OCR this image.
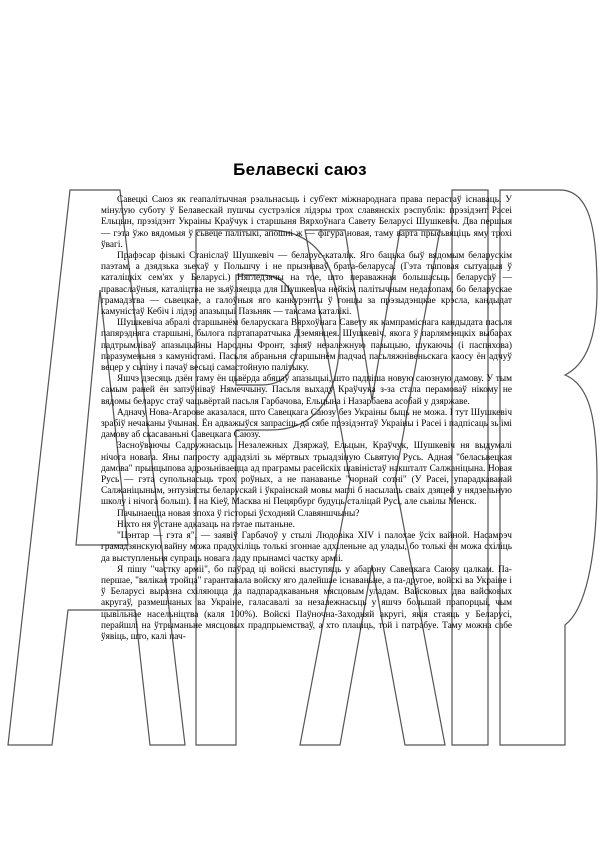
Белавескі саюз

Савецкі Саюз як геапалітычная рэальнасьць і суб'ект міжнароднага права перастаў існаваць. У мінулую суботу ў Белавескай пушчы сустрэліся лідэры трох славянскіх рэспублік: прэзідэнт Расеі Ельцын, прэзідэнт Украіны Краўчук і старшыня Вярхоўнага Савету Беларусі Шушкевіч. Два першыя — гэта ўжо вядомыя ў сьвеце палітыкі, апошні ж — фігура новая, таму варта прысьвяціць яму трохі ўвагі.

Прафэсар фізыкі Станіслаў Шушкевіч — беларус-каталік. Яго бацька быў вядомым беларускім паэтам, а дзядзька зьехаў у Польшчу і не прызнаваў брата-беларуса. (Гэта тыповая сытуацыя ў каталіцкіх сем'ях у Беларусі.) Нягледзячы на тое, што пераважная большасьць беларусаў — праваслаўныя, каталіцтва не зьяўляецца для Шушкевіча нейкім палітычным недахопам, бо беларускае грамадзтва — сьвецкае, а галоўныя яго канкурэнты ў гонцы за прэзыдэнцкае крэсла, кандыдат камуністаў Кебіч і лідэр апазыцыі Пазьняк — таксама каталікі.

Шушкевіча абралі старшынём беларускага Вярхоўнага Савету як кампраміснага кандыдата пасьля папярэдняга старшыні, былога партапаратчыка Дземянцея. Шушкевіч, якога ў парлямэнцкіх выбарах падтрымліваў апазыцыйны Народны Фронт, заняў незалежную пазыцыю, шукаючы (і паспяхова) паразуменьня з камуністамі. Пасьля абраньня старшынём падчас пасьляжнівеньскага хаосу ён адчуў вецер у сьпіну і пачаў весьці самастойную палітыку.

Яшчэ дзесяць дзён таму ён цьвёрда абяцаў апазыцыі, што падпіша новую саюзную дамову. У тым самым раней ён запэўніваў Нямеччыну. Пасьля выхаду Краўчука з-за стала перамоваў нікому не вядомы беларус стаў чацьвёртай пасьля Гарбачова, Ельцына і Назарбаева асобай у дзяржаве.

Адначу Нова-Агарове аказалася, што Савецкага Саюзу без Украіны быць не можа. І тут Шушкевіч зрабіў нечаканы ўчынак. Ён адважыўся запрасіць да сябе прэзідэнтаў Украіны і Расеі і падпісаць зь імі дамову аб скасаваньні Савецкага Саюзу.

Засноўваючы Садружнасьць Незалежных Дзяржаў, Ельцын, Краўчук, Шушкевіч ня выдумалі нічога новага. Яны папросту адрадзілі зь мёртвых трыадзіную Сьвятую Русь. Адная "беласьвецкая дамова" прынцыпова адрозьніваецца ад праграмы расейскіх шавіністаў накшталт Салжаніцына. Новая Русь — гэта супольнасьць трох роўных, а не панаванье "чорнай сотні" (У Расеі, упарадкаванай Салжаніцыным, энтузіясты беларускай і ўкраінскай мовы маглі б насылаць сваіх дзяцей у нядзельную школу і нічога больш). І на Кіеў, Масква ні Пецярбург будуць сталіцай Русі, але сьвілы Менск.

Пачынаецца новая эпоха ў гісторыі ўсходняй Славяншчыны?

Ніхто ня ў стане адказаць на гэтае пытаньне.

"Цэнтар — гэта я", — заявіў Гарбачоў у стылі Людовіка XIV і палохае ўсіх вайной. Насамрэч грамадзянскую вайну можа прадухіліць толькі згоннае адхіленьне ад улады, бо толькі ён можа схіліць да выступленьня супраць новага ладу прынамсі частку арміі.

Я пішу "частку арміі", бо паўрад ці войскі выступяць у абарону Савецкага Саюзу цалкам. Па-першае, "вялікая тройца" гарантавала войску яго далейшае існаваньне, а па-другое, войскі ва Украіне і ў Беларусі выразна схіляюцца да падпарадкаваньня мясцовым уладам. Вайсковых два вайсковых акругаў, размешчаных ва Украіне, галасавалі за незалежнасьць у яшчэ большай прапорцыі, чым цывільнае насельніцтва (каля 100%). Войскі Паўночна-Заходняй акругі, якія стаяць у Беларусі, перайшлі на ўтрыманьне мясцовых прадпрыемстваў, а хто плаціць, той і патрабуе. Таму можна сабе ўявіць, што, калі пач-
